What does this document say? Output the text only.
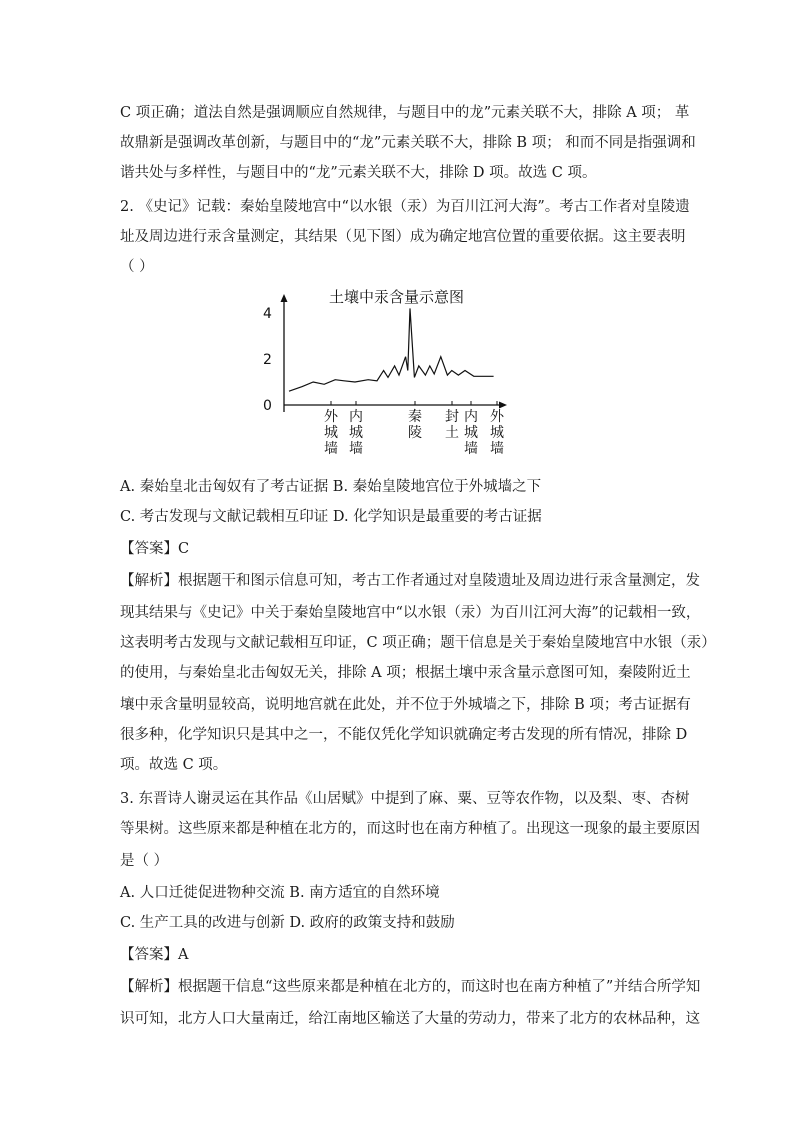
C 项正确；道法自然是强调顺应自然规律，与题目中的龙”元素关联不大，排除 A 项； 革
故鼎新是强调改革创新，与题目中的“龙”元素关联不大，排除 B 项； 和而不同是指强调和
谐共处与多样性，与题目中的“龙”元素关联不大，排除 D 项。故选 C 项。
2. 《史记》记载：秦始皇陵地宫中“以水银（汞）为百川江河大海”。考古工作者对皇陵遗
址及周边进行汞含量测定，其结果（见下图）成为确定地宫位置的重要依据。这主要表明
（ ）
A. 秦始皇北击匈奴有了考古证据 B. 秦始皇陵地宫位于外城墙之下
C. 考古发现与文献记载相互印证 D. 化学知识是最重要的考古证据
【答案】C
【解析】根据题干和图示信息可知，考古工作者通过对皇陵遗址及周边进行汞含量测定，发
现其结果与《史记》中关于秦始皇陵地宫中“以水银（汞）为百川江河大海”的记载相一致，
这表明考古发现与文献记载相互印证，C 项正确；题干信息是关于秦始皇陵地宫中水银（汞）
的使用，与秦始皇北击匈奴无关，排除 A 项；根据土壤中汞含量示意图可知，秦陵附近土
壤中汞含量明显较高，说明地宫就在此处，并不位于外城墙之下，排除 B 项；考古证据有
很多种，化学知识只是其中之一，不能仅凭化学知识就确定考古发现的所有情况，排除 D
项。故选 C 项。
3. 东晋诗人谢灵运在其作品《山居赋》中提到了麻、粟、豆等农作物，以及梨、枣、杏树
等果树。这些原来都是种植在北方的，而这时也在南方种植了。出现这一现象的最主要原因
是（ ）
A. 人口迁徙促进物种交流 B. 南方适宜的自然环境
C. 生产工具的改进与创新 D. 政府的政策支持和鼓励
【答案】A
【解析】根据题干信息“这些原来都是种植在北方的，而这时也在南方种植了”并结合所学知
识可知，北方人口大量南迁，给江南地区输送了大量的劳动力，带来了北方的农林品种，这
土壤中汞含量示意图
4
2
0
外
城
墙
内
城
墙
秦
陵
封
土
内
城
墙
外
城
墙
